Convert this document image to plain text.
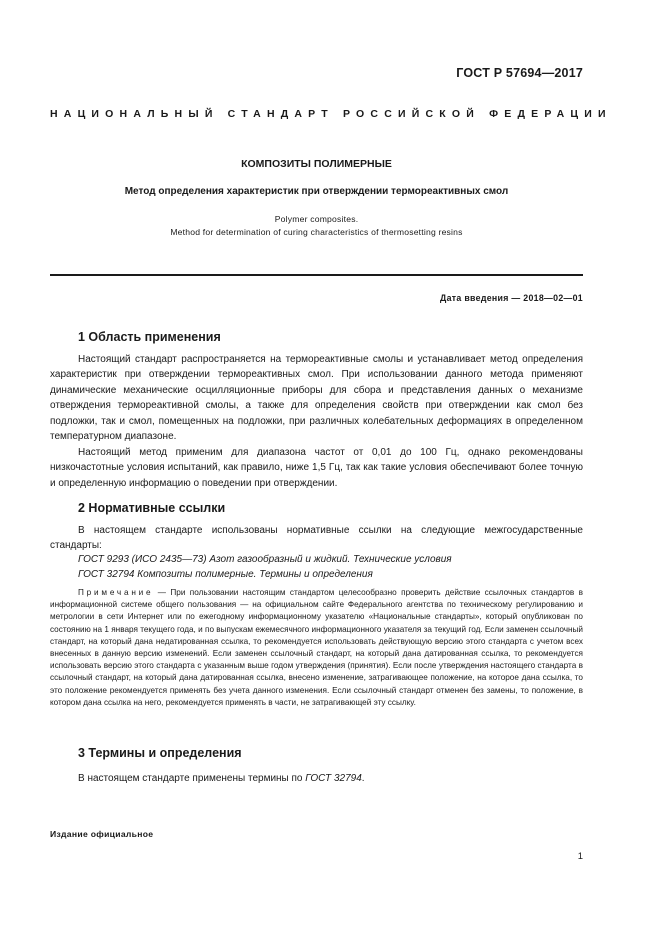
ГОСТ Р 57694—2017
НАЦИОНАЛЬНЫЙ СТАНДАРТ РОССИЙСКОЙ ФЕДЕРАЦИИ
КОМПОЗИТЫ ПОЛИМЕРНЫЕ
Метод определения характеристик при отверждении термореактивных смол
Polymer composites.
Method for determination of curing characteristics of thermosetting resins
Дата введения — 2018—02—01
1 Область применения

Настоящий стандарт распространяется на термореактивные смолы и устанавливает метод определения характеристик при отверждении термореактивных смол. При использовании данного метода применяют динамические механические осцилляционные приборы для сбора и представления данных о механизме отверждения термореактивной смолы, а также для определения свойств при отверждении как смол без подложки, так и смол, помещенных на подложки, при различных колебательных деформациях в определенном температурном диапазоне.

Настоящий метод применим для диапазона частот от 0,01 до 100 Гц, однако рекомендованы низкочастотные условия испытаний, как правило, ниже 1,5 Гц, так как такие условия обеспечивают более точную и определенную информацию о поведении при отверждении.

2 Нормативные ссылки

В настоящем стандарте использованы нормативные ссылки на следующие межгосударственные стандарты:

ГОСТ 9293 (ИСО 2435—73) Азот газообразный и жидкий. Технические условия
ГОСТ 32794 Композиты полимерные. Термины и определения

Примечание — При пользовании настоящим стандартом целесообразно проверить действие ссылочных стандартов в информационной системе общего пользования — на официальном сайте Федерального агентства по техническому регулированию и метрологии в сети Интернет или по ежегодному информационному указателю «Национальные стандарты», который опубликован по состоянию на 1 января текущего года, и по выпускам ежемесячного информационного указателя за текущий год. Если заменен ссылочный стандарт, на который дана недатированная ссылка, то рекомендуется использовать действующую версию этого стандарта с учетом всех внесенных в данную версию изменений. Если заменен ссылочный стандарт, на который дана датированная ссылка, то рекомендуется использовать версию этого стандарта с указанным выше годом утверждения (принятия). Если после утверждения настоящего стандарта в ссылочный стандарт, на который дана датированная ссылка, внесено изменение, затрагивающее положение, на которое дана ссылка, то это положение рекомендуется применять без учета данного изменения. Если ссылочный стандарт отменен без замены, то положение, в котором дана ссылка на него, рекомендуется применять в части, не затрагивающей эту ссылку.

3 Термины и определения

В настоящем стандарте применены термины по ГОСТ 32794.

Издание официальное
1
